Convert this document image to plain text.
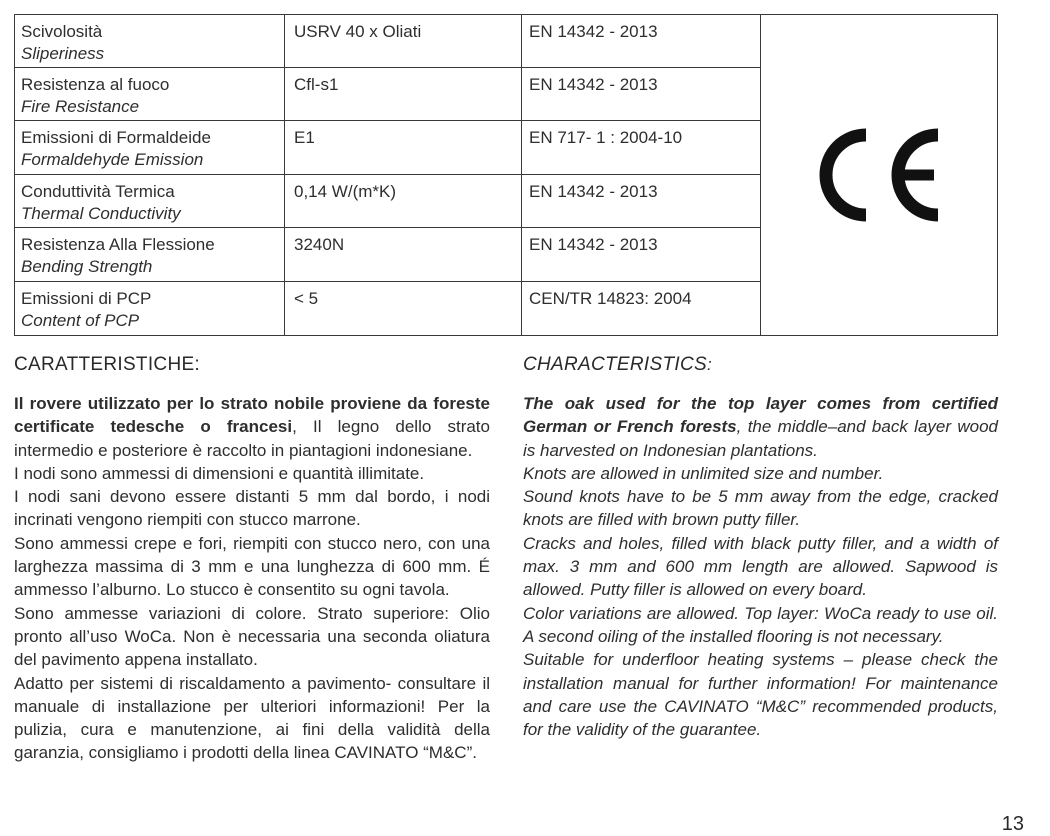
Scivolosità
Sliperiness	USRV 40 x Oliati	EN 14342 - 2013	

Resistenza al fuoco
Fire Resistance	Cfl-s1	EN 14342 - 2013	
Emissioni di Formaldeide
Formaldehyde Emission	E1	EN 717- 1 : 2004-10	
Conduttività Termica
Thermal Conductivity	0,14 W/(m*K)	EN 14342 - 2013	
Resistenza Alla Flessione
Bending Strength	3240N	EN 14342 - 2013	
Emissioni di PCP
Content of PCP	< 5	CEN/TR 14823: 2004	
CARATTERISTICHE:

Il rovere utilizzato per lo strato nobile proviene da foreste certificate tedesche o francesi, Il legno dello strato intermedio e posteriore è raccolto in piantagioni indonesiane.

I nodi sono ammessi di dimensioni e quantità illimitate.

I nodi sani devono essere distanti 5 mm dal bordo, i nodi incrinati vengono riempiti con stucco marrone.

Sono ammessi crepe e fori, riempiti con stucco nero, con una larghezza massima di 3 mm e una lunghezza di 600 mm. É ammesso l’alburno. Lo stucco è consentito su ogni tavola.

Sono ammesse variazioni di colore. Strato superiore: Olio pronto all’uso WoCa. Non è necessaria una seconda oliatura del pavimento appena installato.

Adatto per sistemi di riscaldamento a pavimento- consultare il manuale di installazione per ulteriori informazioni! Per la pulizia, cura e manutenzione, ai fini della validità della garanzia, consigliamo i prodotti della linea CAVINATO “M&C”.

CHARACTERISTICS:

The oak used for the top layer comes from certified German or French forests, the middle–and back layer wood is harvested on Indonesian plantations.

Knots are allowed in unlimited size and number.

Sound knots have to be 5 mm away from the edge, cracked knots are filled with brown putty filler.

Cracks and holes, filled with black putty filler, and a width of max. 3 mm and 600 mm length are allowed. Sapwood is allowed. Putty filler is allowed on every board.

Color variations are allowed. Top layer: WoCa ready to use oil. A second oiling of the installed flooring is not necessary.

Suitable for underfloor heating systems – please check the installation manual for further information! For maintenance and care use the CAVINATO “M&C” recommended products, for the validity of the guarantee.

13
